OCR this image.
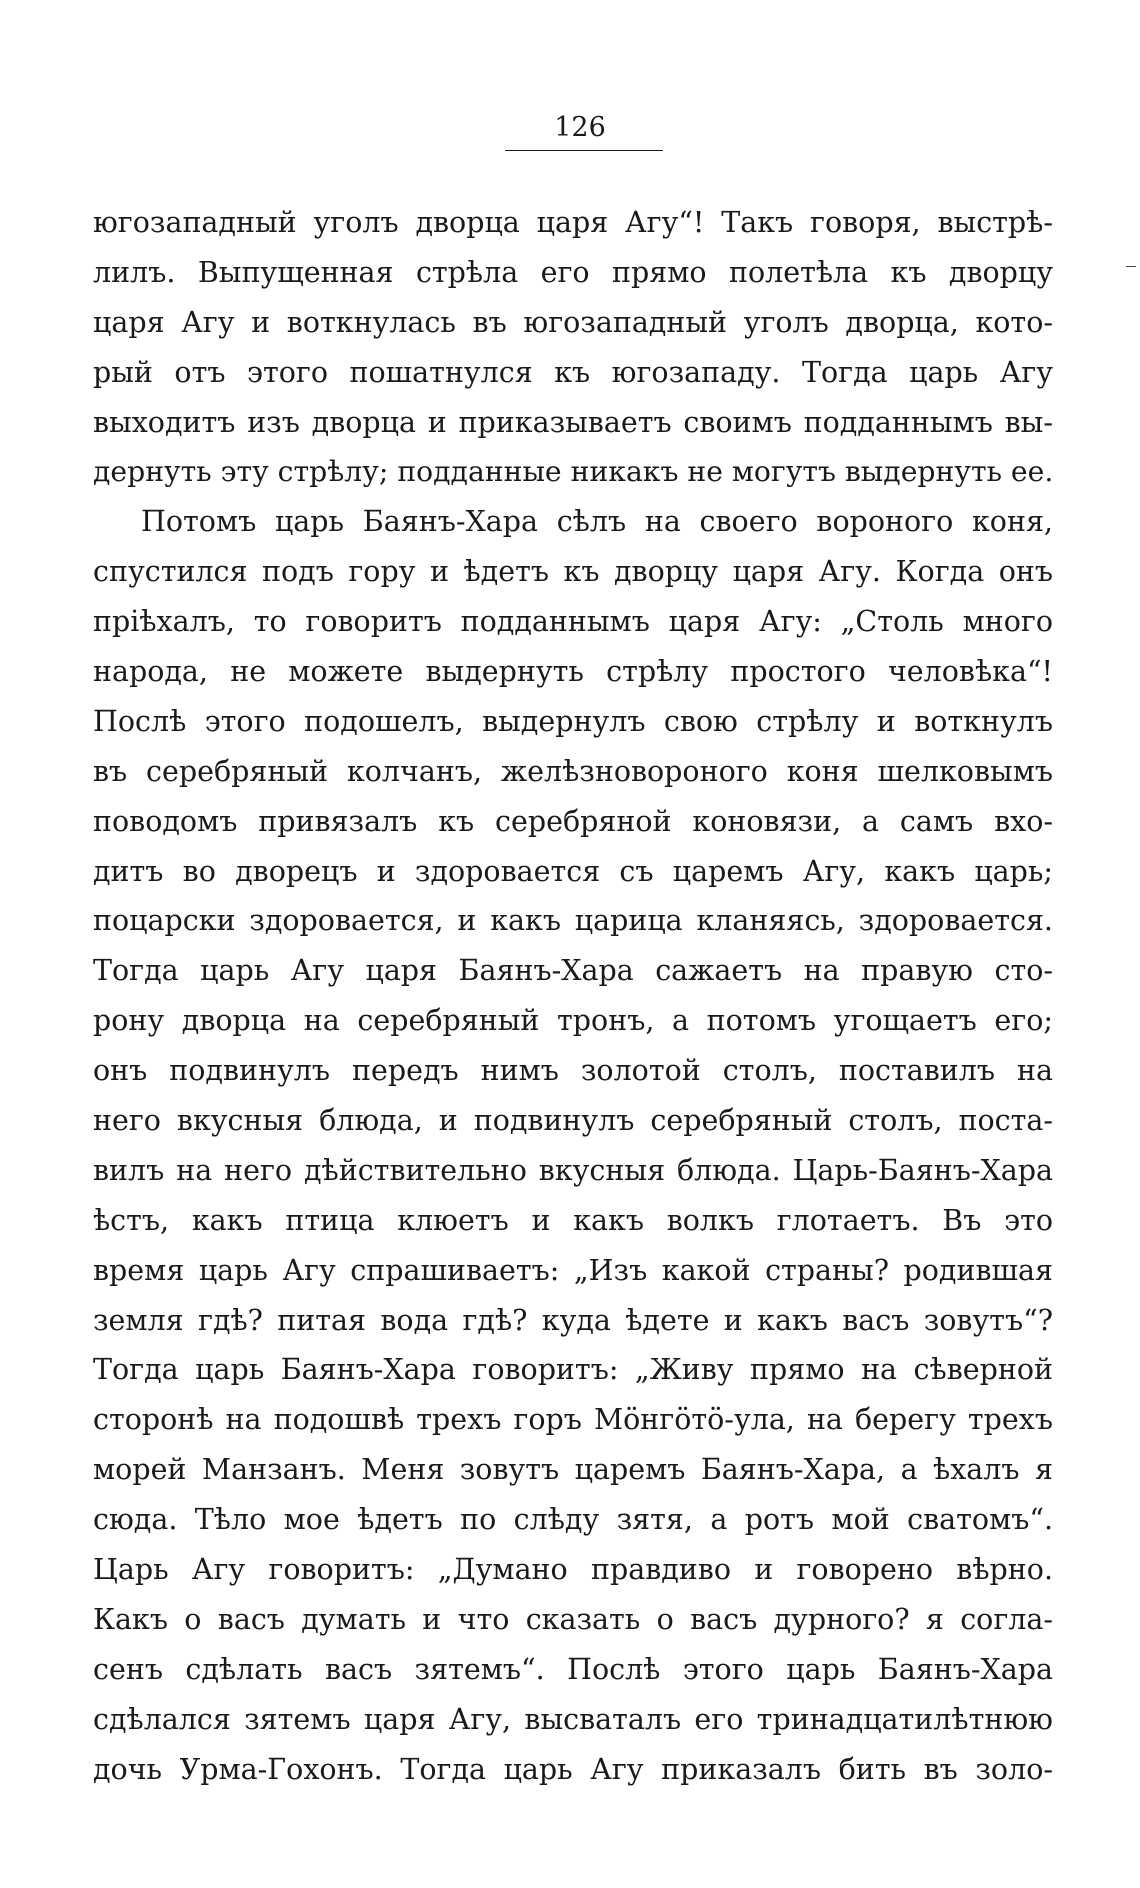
126
югозападный уголъ дворца царя Агу“! Такъ говоря, выстрѣ-
лилъ. Выпущенная стрѣла его прямо полетѣла къ дворцу
царя Агу и воткнулась въ югозападный уголъ дворца, кото-
рый отъ этого пошатнулся къ югозападу. Тогда царь Агу
выходитъ изъ дворца и приказываетъ своимъ подданнымъ вы-
дернуть эту стрѣлу; подданные никакъ не могутъ выдернуть ее.
Потомъ царь Баянъ-Хара сѣлъ на своего вороного коня,
спустился подъ гору и ѣдетъ къ дворцу царя Агу. Когда онъ
пріѣхалъ, то говоритъ подданнымъ царя Агу: „Столь много
народа, не можете выдернуть стрѣлу простого человѣка“!
Послѣ этого подошелъ, выдернулъ свою стрѣлу и воткнулъ
въ серебряный колчанъ, желѣзновороного коня шелковымъ
поводомъ привязалъ къ серебряной коновязи, а самъ вхо-
дитъ во дворецъ и здоровается съ царемъ Агу, какъ царь;
поцарски здоровается, и какъ царица кланяясь, здоровается.
Тогда царь Агу царя Баянъ-Хара сажаетъ на правую сто-
рону дворца на серебряный тронъ, а потомъ угощаетъ его;
онъ подвинулъ передъ нимъ золотой столъ, поставилъ на
него вкусныя блюда, и подвинулъ серебряный столъ, поста-
вилъ на него дѣйствительно вкусныя блюда. Царь-Баянъ-Хара
ѣстъ, какъ птица клюетъ и какъ волкъ глотаетъ. Въ это
время царь Агу спрашиваетъ: „Изъ какой страны? родившая
земля гдѣ? питая вода гдѣ? куда ѣдете и какъ васъ зовутъ“?
Тогда царь Баянъ-Хара говоритъ: „Живу прямо на сѣверной
сторонѣ на подошвѣ трехъ горъ Мöнгöтö-ула, на берегу трехъ
морей Манзанъ. Меня зовутъ царемъ Баянъ-Хара, а ѣхалъ я
сюда. Тѣло мое ѣдетъ по слѣду зятя, а ротъ мой сватомъ“.
Царь Агу говоритъ: „Думано правдиво и говорено вѣрно.
Какъ о васъ думать и что сказать о васъ дурного? я согла-
сенъ сдѣлать васъ зятемъ“. Послѣ этого царь Баянъ-Хара
сдѣлался зятемъ царя Агу, высваталъ его тринадцатилѣтнюю
дочь Урма-Гохонъ. Тогда царь Агу приказалъ бить въ золо-
